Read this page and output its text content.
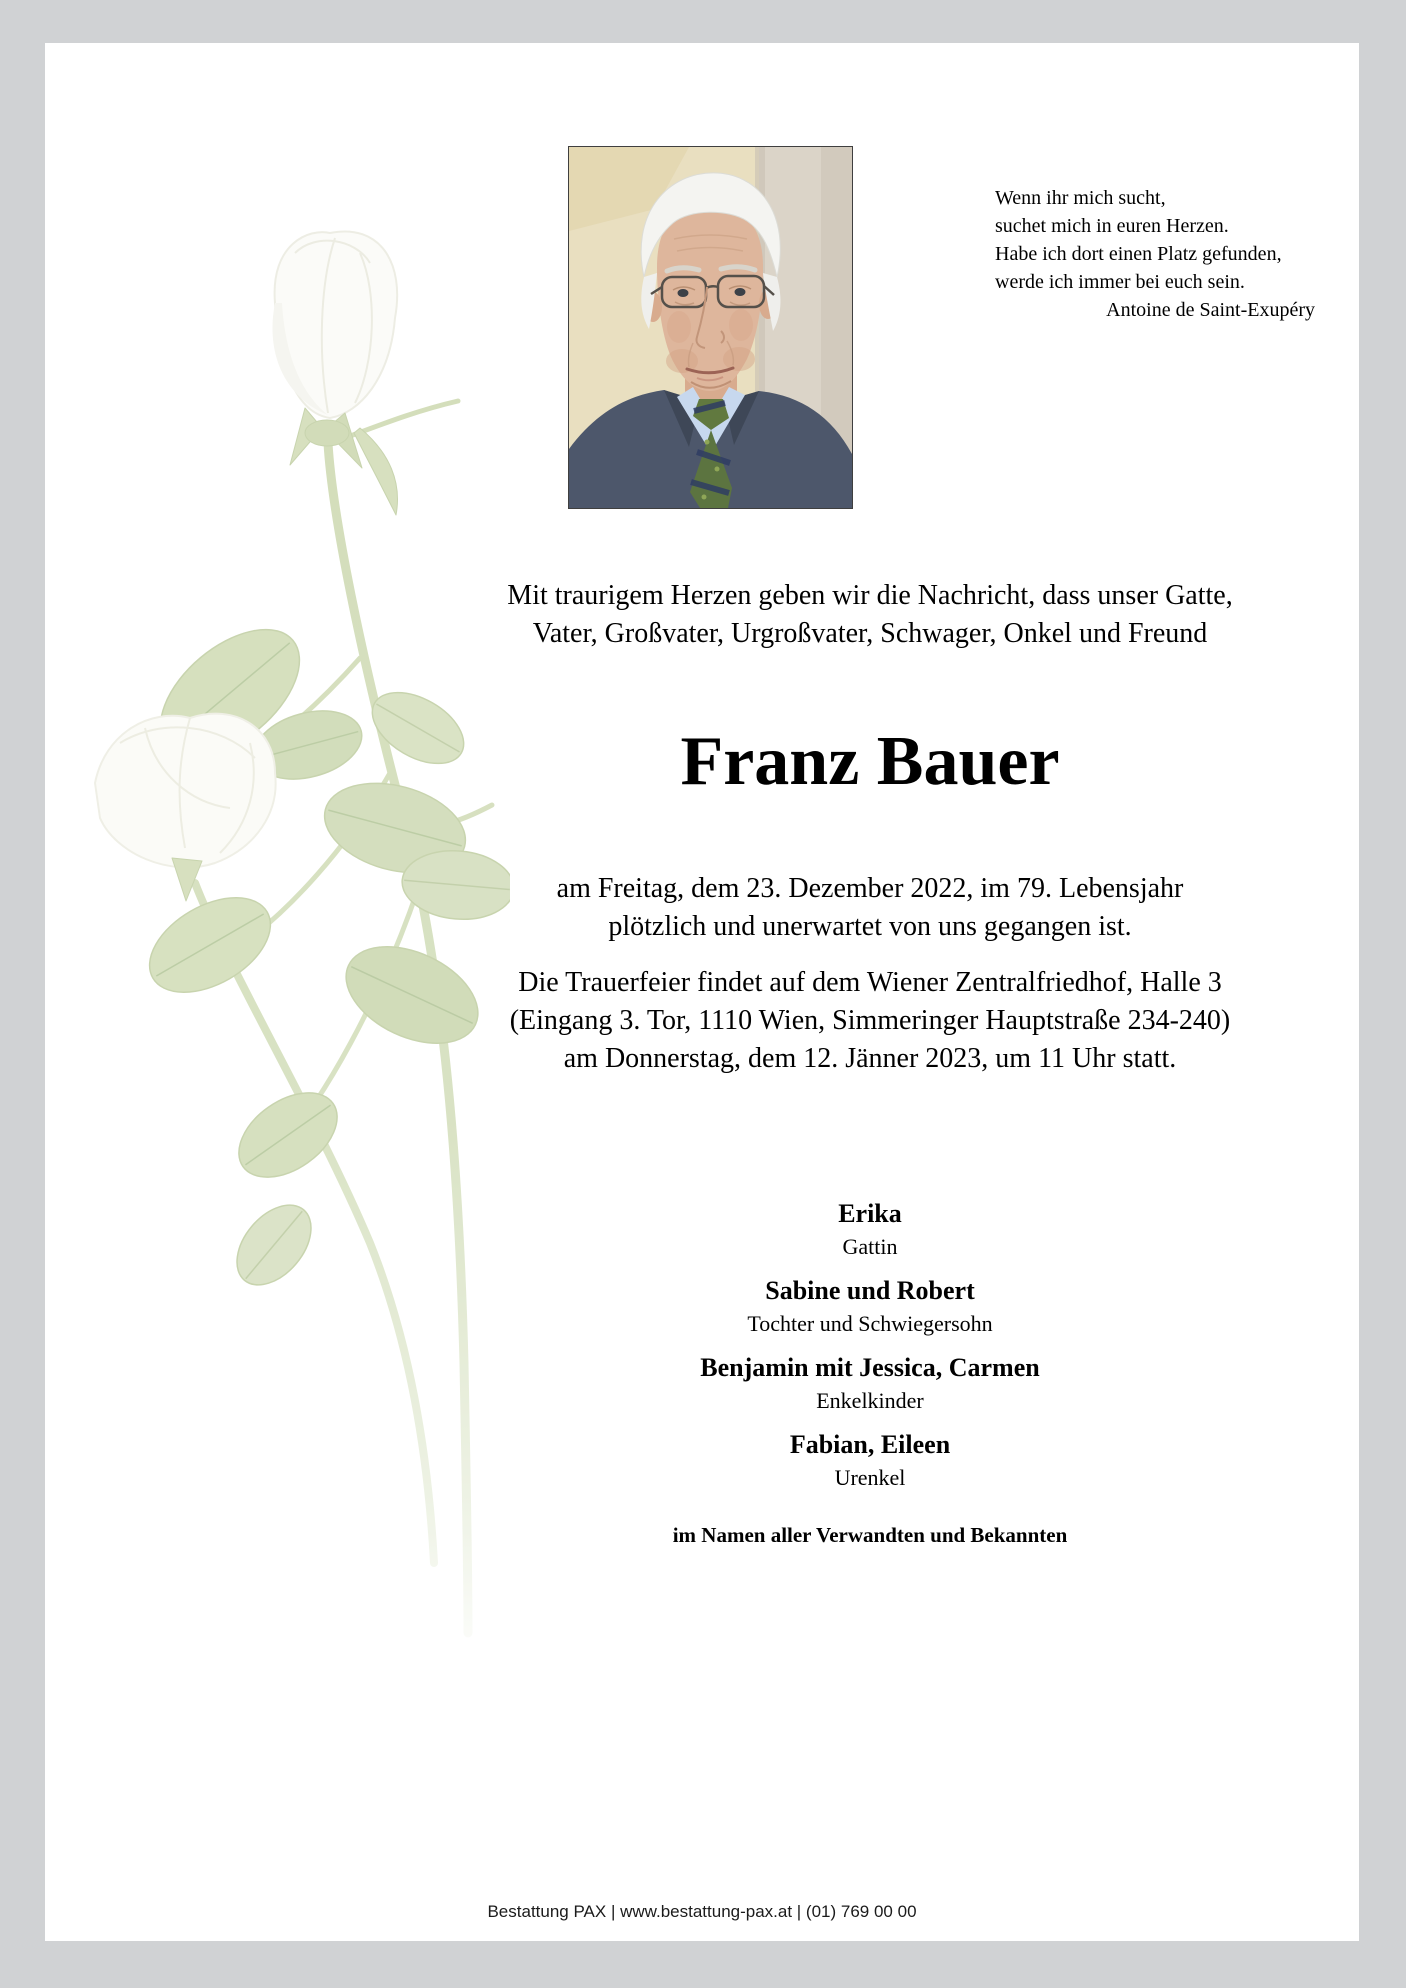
Wenn ihr mich sucht,
suchet mich in euren Herzen.
Habe ich dort einen Platz gefunden,
werde ich immer bei euch sein.
Antoine de Saint-Exupéry
Mit traurigem Herzen geben wir die Nachricht, dass unser Gatte,
Vater, Großvater, Urgroßvater, Schwager, Onkel und Freund
Franz Bauer
am Freitag, dem 23. Dezember 2022, im 79. Lebensjahr
plötzlich und unerwartet von uns gegangen ist.
Die Trauerfeier findet auf dem Wiener Zentralfriedhof, Halle 3
(Eingang 3. Tor, 1110 Wien, Simmeringer Hauptstraße 234-240)
am Donnerstag, dem 12. Jänner 2023, um 11 Uhr statt.
Erika
Gattin
Sabine und Robert
Tochter und Schwiegersohn
Benjamin mit Jessica, Carmen
Enkelkinder
Fabian, Eileen
Urenkel
im Namen aller Verwandten und Bekannten
Bestattung PAX | www.bestattung-pax.at | (01) 769 00 00
